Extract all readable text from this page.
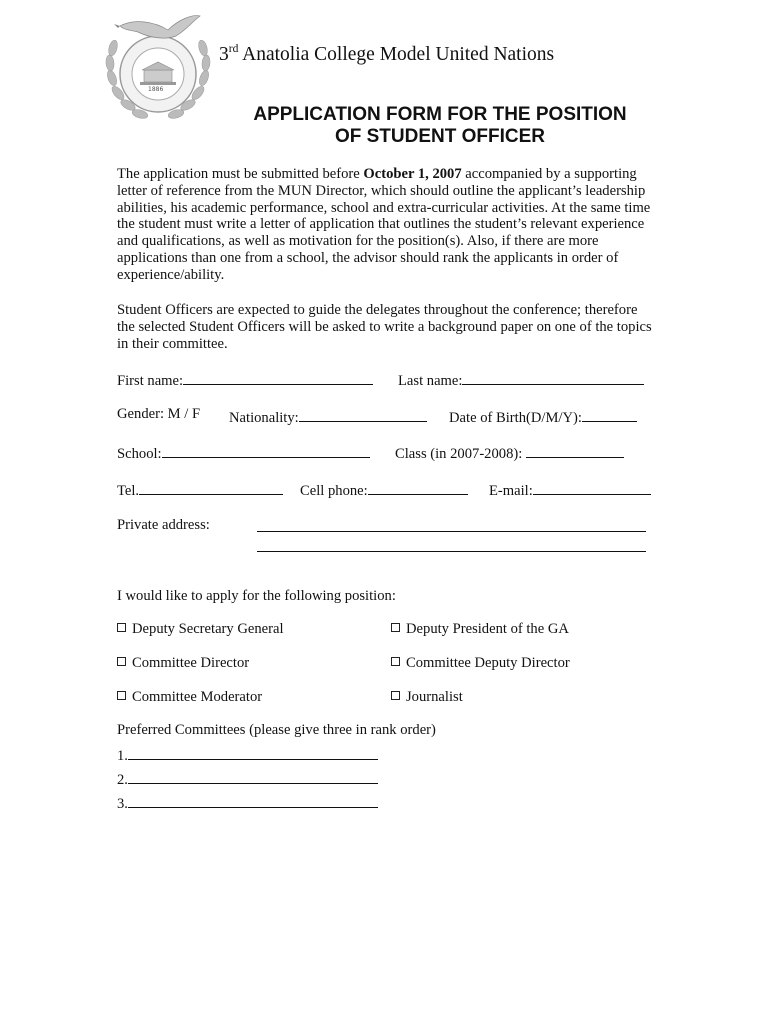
1886
3rd Anatolia College Model United Nations
APPLICATION FORM FOR THE POSITION
OF STUDENT OFFICER
The application must be submitted before October 1, 2007 accompanied by a supporting letter of reference from the MUN Director, which should outline the applicant’s leadership abilities, his academic performance, school and extra-curricular activities. At the same time the student must write a letter of application that outlines the student’s relevant experience and qualifications, as well as motivation for the position(s). Also, if there are more applications than one from a school, the advisor should rank the applicants in order of experience/ability.
Student Officers are expected to guide the delegates throughout the conference; therefore the selected Student Officers will be asked to write a background paper on one of the topics in their committee.
First name:	Last name:
Gender: M / F Nationality:	Date of Birth(D/M/Y):
School:	Class (in 2007-2008):
Tel.	Cell phone:	E-mail:
Private address:
I would like to apply for the following position:
Deputy Secretary General	Deputy President of the GA
Committee Director	Committee Deputy Director
Committee Moderator	Journalist
Preferred Committees (please give three in rank order)
1.
2.
3.
